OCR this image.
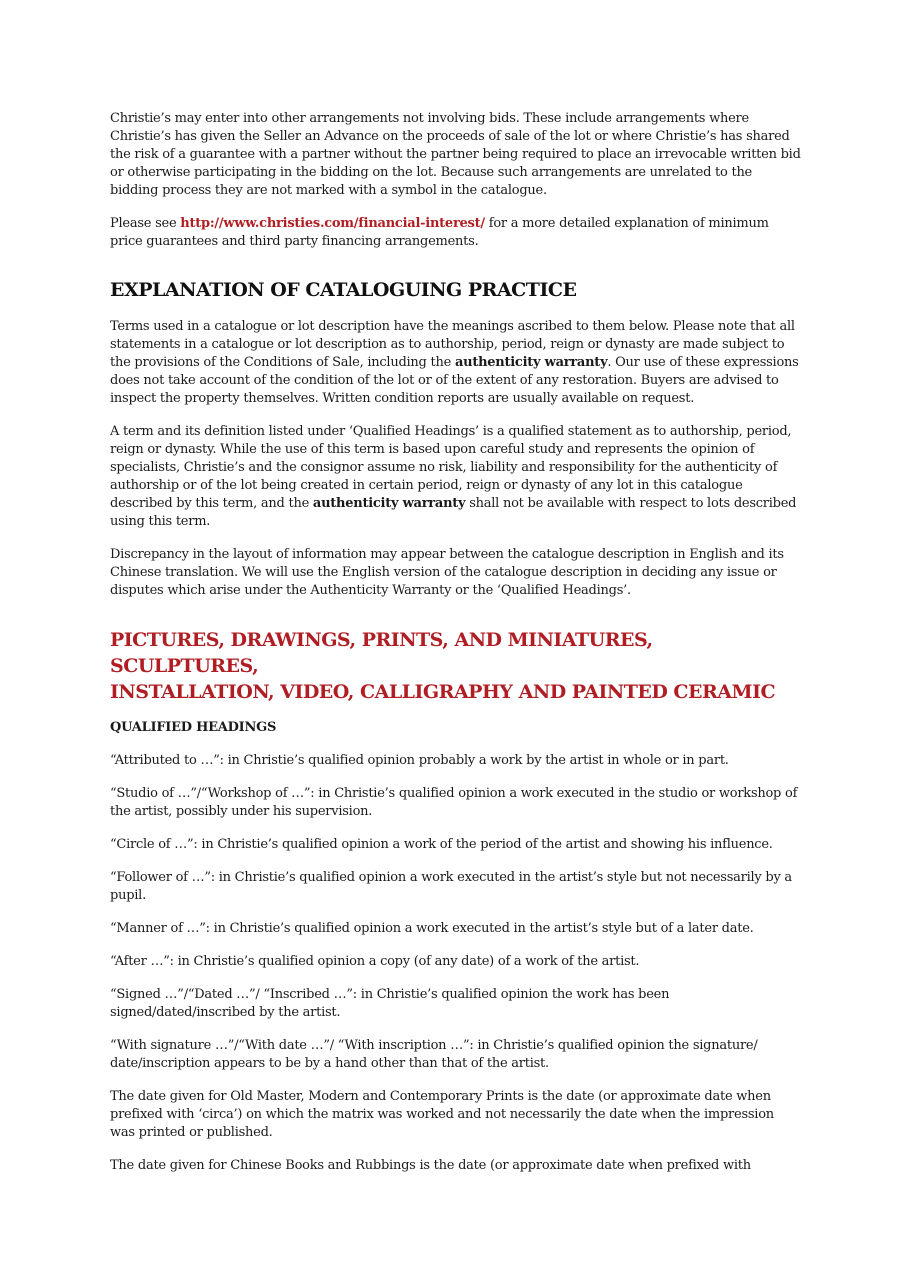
Christie’s may enter into other arrangements not involving bids. These include arrangements where Christie’s has given the Seller an Advance on the proceeds of sale of the lot or where Christie’s has shared the risk of a guarantee with a partner without the partner being required to place an irrevocable written bid or otherwise participating in the bidding on the lot. Because such arrangements are unrelated to the bidding process they are not marked with a symbol in the catalogue.

Please see http://www.christies.com/financial-interest/ for a more detailed explanation of minimum price guarantees and third party financing arrangements.

EXPLANATION OF CATALOGUING PRACTICE

Terms used in a catalogue or lot description have the meanings ascribed to them below. Please note that all statements in a catalogue or lot description as to authorship, period, reign or dynasty are made subject to the provisions of the Conditions of Sale, including the authenticity warranty. Our use of these expressions does not take account of the condition of the lot or of the extent of any restoration. Buyers are advised to inspect the property themselves. Written condition reports are usually available on request.

A term and its definition listed under ‘Qualified Headings’ is a qualified statement as to authorship, period, reign or dynasty. While the use of this term is based upon careful study and represents the opinion of specialists, Christie’s and the consignor assume no risk, liability and responsibility for the authenticity of authorship or of the lot being created in certain period, reign or dynasty of any lot in this catalogue described by this term, and the authenticity warranty shall not be available with respect to lots described using this term.

Discrepancy in the layout of information may appear between the catalogue description in English and its Chinese translation. We will use the English version of the catalogue description in deciding any issue or disputes which arise under the Authenticity Warranty or the ‘Qualified Headings’.

PICTURES, DRAWINGS, PRINTS, AND MINIATURES, SCULPTURES,
INSTALLATION, VIDEO, CALLIGRAPHY AND PAINTED CERAMIC
QUALIFIED HEADINGS

“Attributed to …”: in Christie’s qualified opinion probably a work by the artist in whole or in part.

“Studio of …”/“Workshop of …”: in Christie’s qualified opinion a work executed in the studio or workshop of the artist, possibly under his supervision.

“Circle of …”: in Christie’s qualified opinion a work of the period of the artist and showing his influence.

“Follower of …”: in Christie’s qualified opinion a work executed in the artist’s style but not necessarily by a pupil.

“Manner of …”: in Christie’s qualified opinion a work executed in the artist’s style but of a later date.

“After …”: in Christie’s qualified opinion a copy (of any date) of a work of the artist.

“Signed …”/“Dated …”/ “Inscribed …”: in Christie’s qualified opinion the work has been signed/dated/inscribed by the artist.

“With signature …”/“With date …”/ “With inscription …”: in Christie’s qualified opinion the signature/ date/inscription appears to be by a hand other than that of the artist.

The date given for Old Master, Modern and Contemporary Prints is the date (or approximate date when prefixed with ‘circa’) on which the matrix was worked and not necessarily the date when the impression was printed or published.

The date given for Chinese Books and Rubbings is the date (or approximate date when prefixed with
